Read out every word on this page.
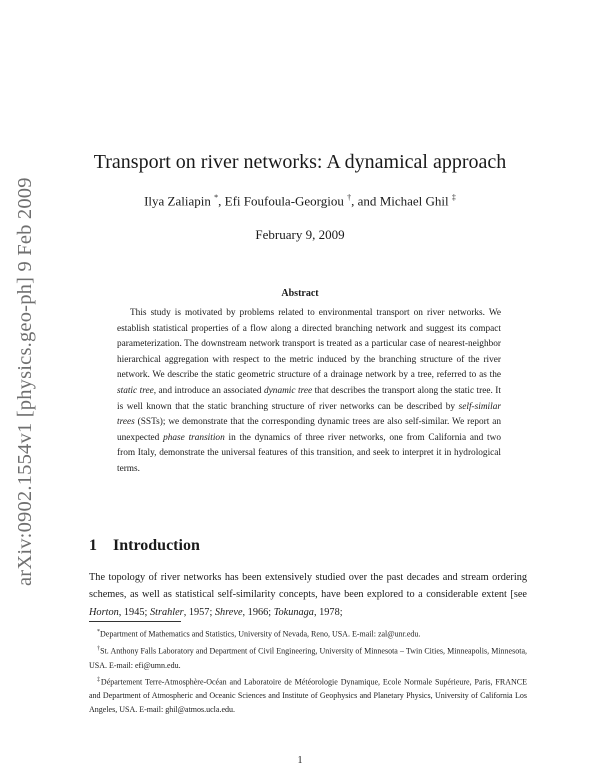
arXiv:0902.1554v1 [physics.geo-ph] 9 Feb 2009
Transport on river networks: A dynamical approach
Ilya Zaliapin *, Efi Foufoula-Georgiou †, and Michael Ghil ‡
February 9, 2009
Abstract
This study is motivated by problems related to environmental transport on river networks. We establish statistical properties of a flow along a directed branching network and suggest its compact parameterization. The downstream network transport is treated as a particular case of nearest-neighbor hierarchical aggregation with respect to the metric induced by the branching structure of the river network. We describe the static geometric structure of a drainage network by a tree, referred to as the static tree, and introduce an associated dynamic tree that describes the transport along the static tree. It is well known that the static branching structure of river networks can be described by self-similar trees (SSTs); we demonstrate that the corresponding dynamic trees are also self-similar. We report an unexpected phase transition in the dynamics of three river networks, one from California and two from Italy, demonstrate the universal features of this transition, and seek to interpret it in hydrological terms.
1 Introduction
The topology of river networks has been extensively studied over the past decades and stream ordering schemes, as well as statistical self-similarity concepts, have been explored to a considerable extent [see Horton, 1945; Strahler, 1957; Shreve, 1966; Tokunaga, 1978;
*Department of Mathematics and Statistics, University of Nevada, Reno, USA. E-mail: zal@unr.edu.
†St. Anthony Falls Laboratory and Department of Civil Engineering, University of Minnesota – Twin Cities, Minneapolis, Minnesota, USA. E-mail: efi@umn.edu.
‡Département Terre-Atmosphère-Océan and Laboratoire de Météorologie Dynamique, Ecole Normale Supérieure, Paris, FRANCE and Department of Atmospheric and Oceanic Sciences and Institute of Geophysics and Planetary Physics, University of California Los Angeles, USA. E-mail: ghil@atmos.ucla.edu.
1
